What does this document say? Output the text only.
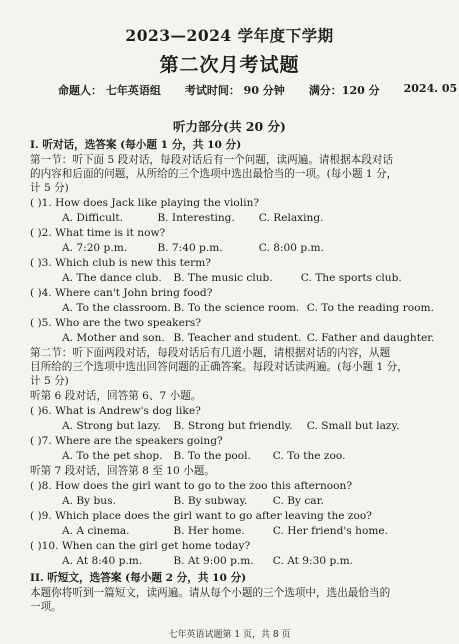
2023—2024 学年度下学期
第二次月考试题
命题人： 七年英语组 考试时间： 90 分钟 满分：120 分 2024. 05
听力部分(共 20 分)
I. 听对话，选答案 (每小题 1 分，共 10 分)
第一节：听下面 5 段对话，每段对话后有一个问题，读两遍。请根据本段对话
的内容和后面的问题，从所给的三个选项中选出最恰当的一项。(每小题 1 分，
计 5 分)
( )1. How does Jack like playing the violin?
A. Difficult.	B. Interesting. C. Relaxing.
( )2. What time is it now?
A. 7:20 p.m.	B. 7:40 p.m.	C. 8:00 p.m.
( )3. Which club is new this term?
A. The dance club. B. The music club.	C. The sports club.
( )4. Where can't John bring food?
A. To the classroom. B. To the science room. C. To the reading room.
( )5. Who are the two speakers?
A. Mother and son. B. Teacher and student. C. Father and daughter.
第二节：听下面两段对话，每段对话后有几道小题，请根据对话的内容，从题
目所给的三个选项中选出回答问题的正确答案。每段对话读两遍。(每小题 1 分，
计 5 分)
听第 6 段对话，回答第 6、7 小题。
( )6. What is Andrew's dog like?
A. Strong but lazy. B. Strong but friendly. C. Small but lazy.
( )7. Where are the speakers going?
A. To the pet shop. B. To the pool. C. To the zoo.
听第 7 段对话，回答第 8 至 10 小题。
( )8. How does the girl want to go to the zoo this afternoon?
A. By bus.	B. By subway. C. By car.
( )9. Which place does the girl want to go after leaving the zoo?
A. A cinema.	B. Her home.	C. Her friend's home.
( )10. When can the girl get home today?
A. At 8:40 p.m.	B. At 9:00 p.m. C. At 9:30 p.m.
II. 听短文，选答案 (每小题 2 分，共 10 分)
本题你将听到一篇短文，读两遍。请从每个小题的三个选项中，选出最恰当的
一项。
七年英语试题第 1 页，共 8 页
